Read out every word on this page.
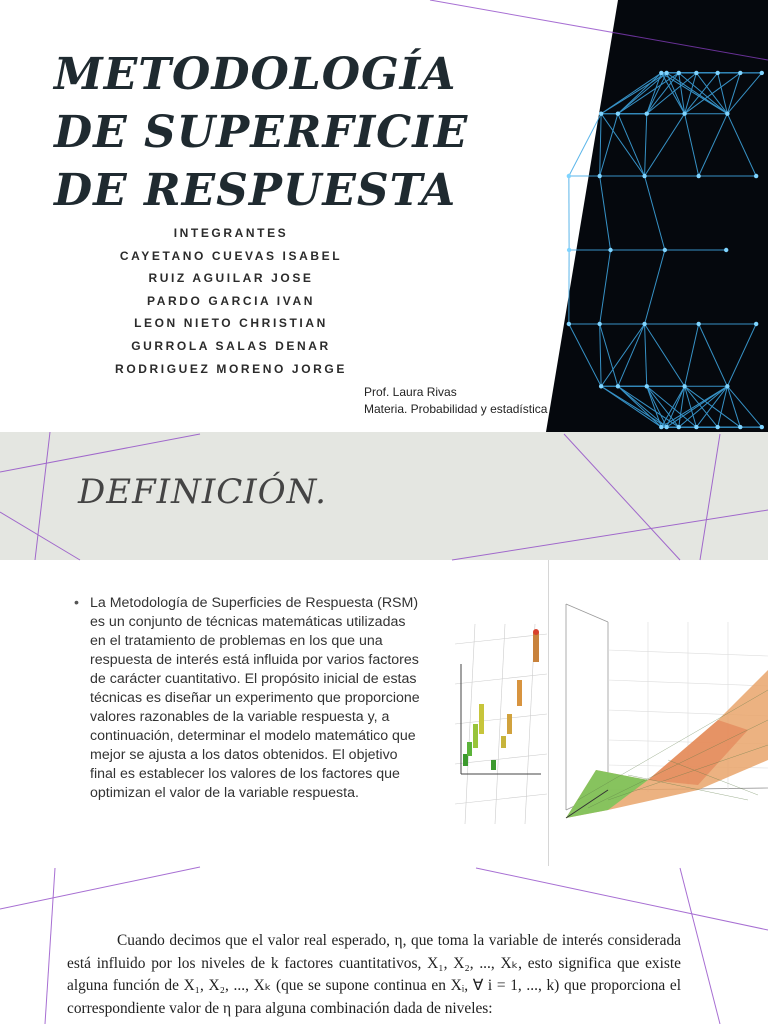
METODOLOGÍA
DE SUPERFICIE
DE RESPUESTA
INTEGRANTES
CAYETANO CUEVAS ISABEL
RUIZ AGUILAR JOSE
PARDO GARCIA IVAN
LEON NIETO CHRISTIAN
GURROLA SALAS DENAR
RODRIGUEZ MORENO JORGE
Prof. Laura Rivas
Materia. Probabilidad y estadística
DEFINICIÓN.

• La Metodología de Superficies de Respuesta (RSM) es un conjunto de técnicas matemáticas utilizadas en el tratamiento de problemas en los que una respuesta de interés está influida por varios factores de carácter cuantitativo. El propósito inicial de estas técnicas es diseñar un experimento que proporcione valores razonables de la variable respuesta y, a continuación, determinar el modelo matemático que mejor se ajusta a los datos obtenidos. El objetivo final es establecer los valores de los factores que optimizan el valor de la variable respuesta.

Cuando decimos que el valor real esperado, η, que toma la variable de interés considerada está influido por los niveles de k factores cuantitativos, X₁, X₂, ..., Xₖ, esto significa que existe alguna función de X₁, X₂, ..., Xₖ (que se supone continua en Xᵢ, ∀ i = 1, ..., k) que proporciona el correspondiente valor de η para alguna combinación dada de niveles:
